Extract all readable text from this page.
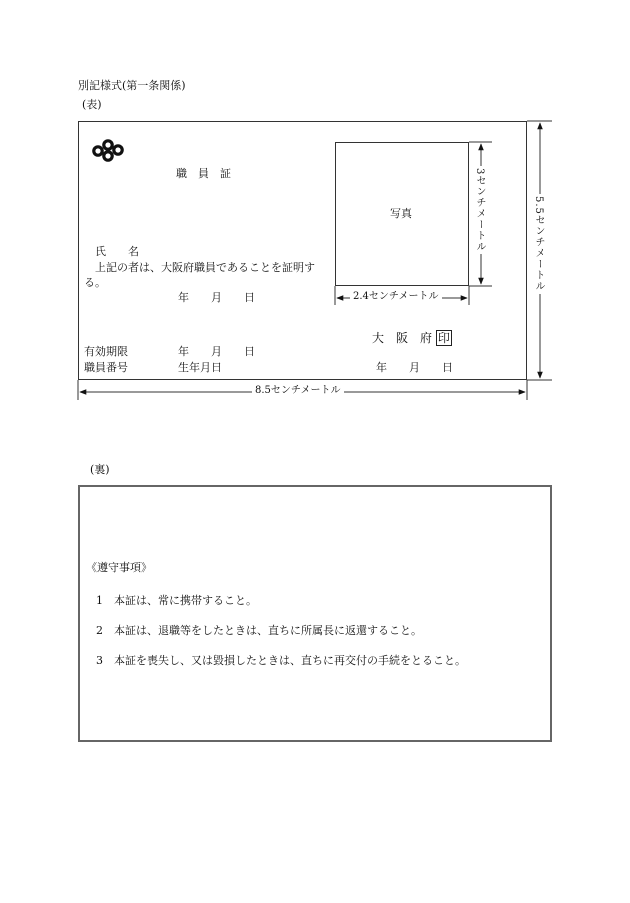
別記様式(第一条関係)
(表)
職　員　証
氏　　名
上記の者は、大阪府職員であることを証明す
る。
年　　月　　日
有効期限	年　　月　　日
職員番号	生年月日
大　阪　府 印
年　　月　　日
写真
2.4センチメートル
3センチメートル
8.5センチメートル
5.5センチメートル
(裏)
《遵守事項》
1　 本証は、常に携帯すること。
2　 本証は、退職等をしたときは、直ちに所属長に返還すること。
3　 本証を喪失し、又は毀損したときは、直ちに再交付の手続をとること。
